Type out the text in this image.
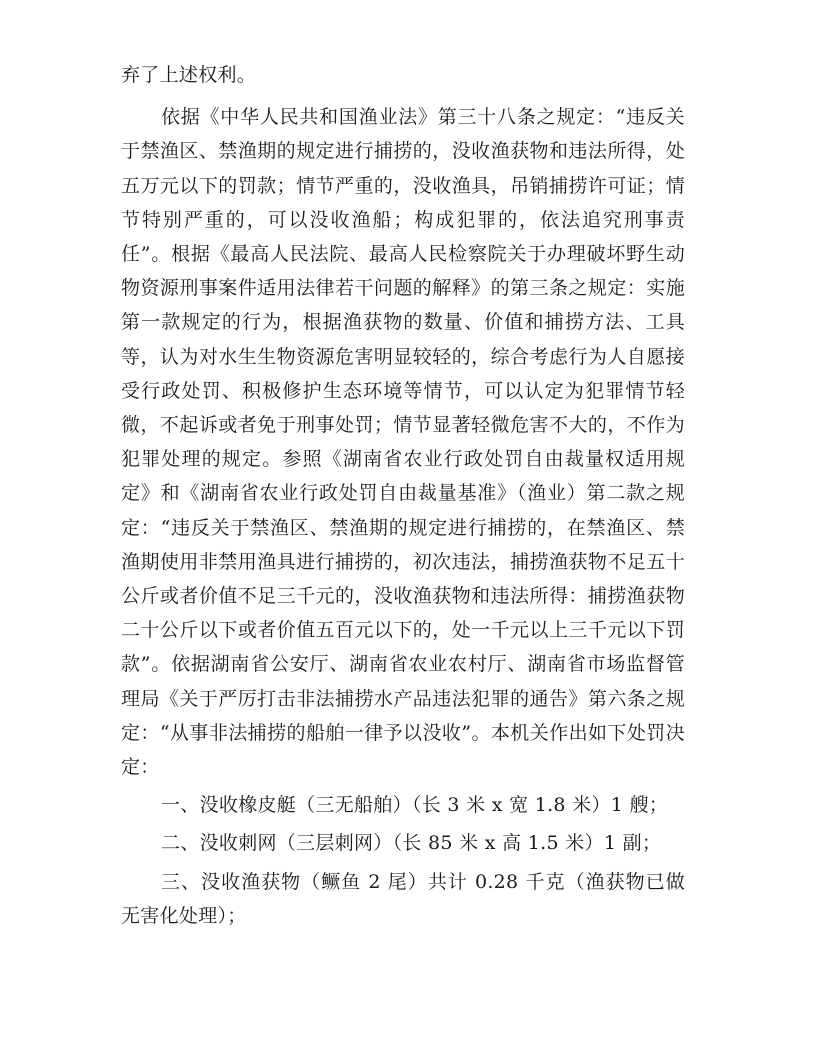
弃了上述权利。

依据《中华人民共和国渔业法》第三十八条之规定：“违反关于禁渔区、禁渔期的规定进行捕捞的，没收渔获物和违法所得，处五万元以下的罚款；情节严重的，没收渔具，吊销捕捞许可证；情节特别严重的，可以没收渔船；构成犯罪的，依法追究刑事责任”。根据《最高人民法院、最高人民检察院关于办理破坏野生动物资源刑事案件适用法律若干问题的解释》的第三条之规定：实施第一款规定的行为，根据渔获物的数量、价值和捕捞方法、工具等，认为对水生生物资源危害明显较轻的，综合考虑行为人自愿接受行政处罚、积极修护生态环境等情节，可以认定为犯罪情节轻微，不起诉或者免于刑事处罚；情节显著轻微危害不大的，不作为犯罪处理的规定。参照《湖南省农业行政处罚自由裁量权适用规定》和《湖南省农业行政处罚自由裁量基准》（渔业）第二款之规定：“违反关于禁渔区、禁渔期的规定进行捕捞的，在禁渔区、禁渔期使用非禁用渔具进行捕捞的，初次违法，捕捞渔获物不足五十公斤或者价值不足三千元的，没收渔获物和违法所得：捕捞渔获物二十公斤以下或者价值五百元以下的，处一千元以上三千元以下罚款”。依据湖南省公安厅、湖南省农业农村厅、湖南省市场监督管理局《关于严厉打击非法捕捞水产品违法犯罪的通告》第六条之规定：“从事非法捕捞的船舶一律予以没收”。本机关作出如下处罚决定：

一、没收橡皮艇（三无船舶）（长 3 米 x 宽 1.8 米）1 艘；

二、没收刺网（三层刺网）（长 85 米 x 高 1.5 米）1 副；

三、没收渔获物（鳜鱼 2 尾）共计 0.28 千克（渔获物已做无害化处理）；
